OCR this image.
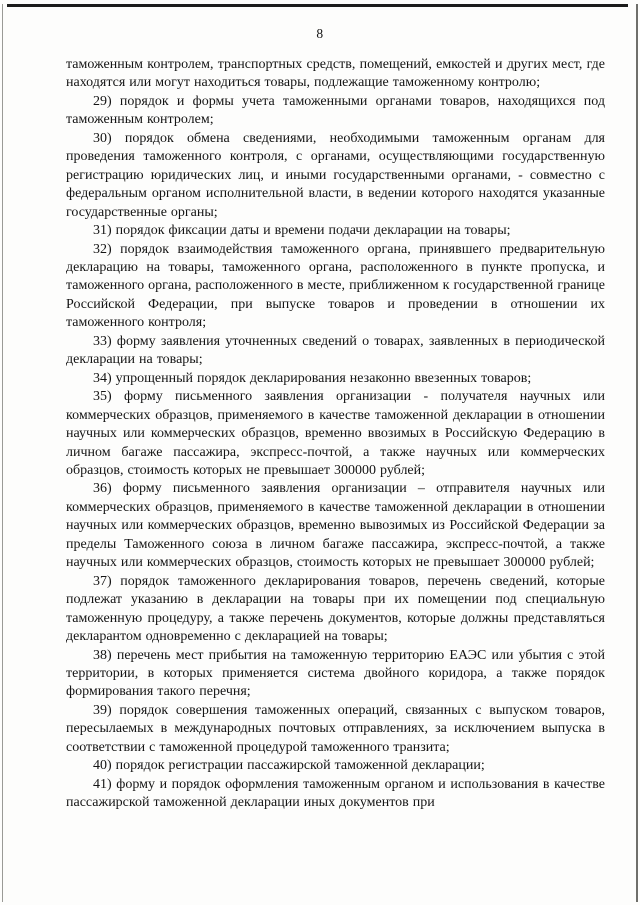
8

таможенным контролем, транспортных средств, помещений, емкостей и других мест, где находятся или могут находиться товары, подлежащие таможенному контролю;

29) порядок и формы учета таможенными органами товаров, находящихся под таможенным контролем;

30) порядок обмена сведениями, необходимыми таможенным органам для проведения таможенного контроля, с органами, осуществляющими государственную регистрацию юридических лиц, и иными государственными органами, - совместно с федеральным органом исполнительной власти, в ведении которого находятся указанные государственные органы;

31) порядок фиксации даты и времени подачи декларации на товары;

32) порядок взаимодействия таможенного органа, принявшего предварительную декларацию на товары, таможенного органа, расположенного в пункте пропуска, и таможенного органа, расположенного в месте, приближенном к государственной границе Российской Федерации, при выпуске товаров и проведении в отношении их таможенного контроля;

33) форму заявления уточненных сведений о товарах, заявленных в периодической декларации на товары;

34) упрощенный порядок декларирования незаконно ввезенных товаров;

35) форму письменного заявления организации - получателя научных или коммерческих образцов, применяемого в качестве таможенной декларации в отношении научных или коммерческих образцов, временно ввозимых в Российскую Федерацию в личном багаже пассажира, экспресс-почтой, а также научных или коммерческих образцов, стоимость которых не превышает 300000 рублей;

36) форму письменного заявления организации – отправителя научных или коммерческих образцов, применяемого в качестве таможенной декларации в отношении научных или коммерческих образцов, временно вывозимых из Российской Федерации за пределы Таможенного союза в личном багаже пассажира, экспресс-почтой, а также научных или коммерческих образцов, стоимость которых не превышает 300000 рублей;

37) порядок таможенного декларирования товаров, перечень сведений, которые подлежат указанию в декларации на товары при их помещении под специальную таможенную процедуру, а также перечень документов, которые должны представляться декларантом одновременно с декларацией на товары;

38) перечень мест прибытия на таможенную территорию ЕАЭС или убытия с этой территории, в которых применяется система двойного коридора, а также порядок формирования такого перечня;

39) порядок совершения таможенных операций, связанных с выпуском товаров, пересылаемых в международных почтовых отправлениях, за исключением выпуска в соответствии с таможенной процедурой таможенного транзита;

40) порядок регистрации пассажирской таможенной декларации;

41) форму и порядок оформления таможенным органом и использования в качестве пассажирской таможенной декларации иных документов при
